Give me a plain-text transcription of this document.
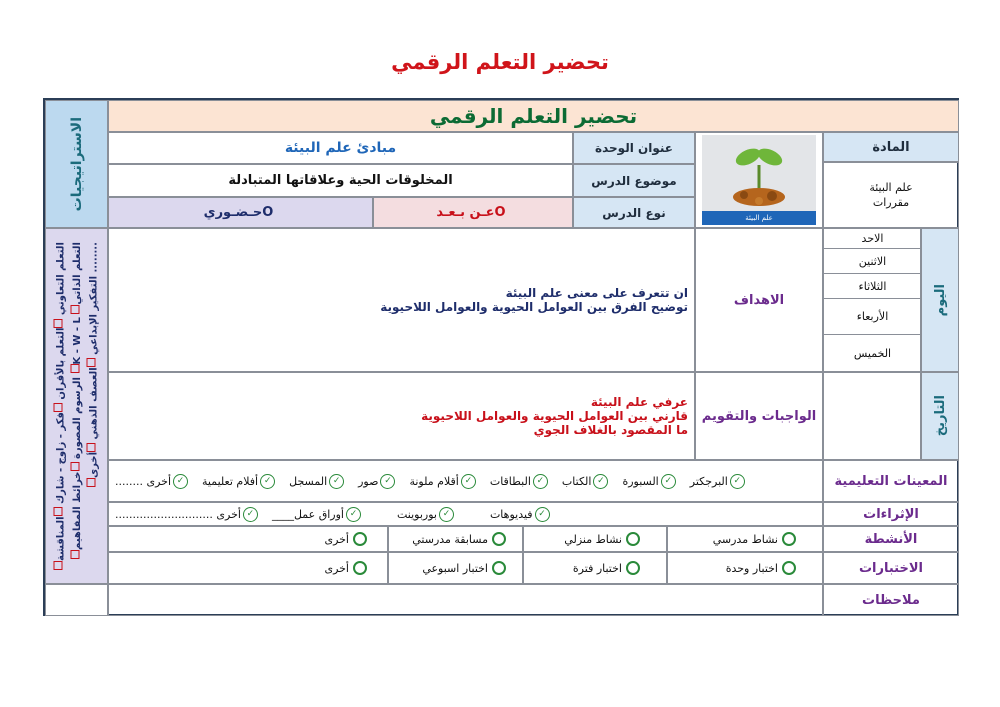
تحضير التعلم الرقمي
تحضير التعلم الرقمي
الاستراتيجيات
التعلم التعاوني التعلم بالأقران فكر - زاوج - شارك المناقشة
الرسوم المصورة خرائط المفاهيم K - W - L التعلم الذاتي
التفكير الإبداعي العصف الذهني أخرى ........
المادة
علم البيئة
مقررات
علم البيئة
عنوان الوحدة
مبادئ علم البيئة
موضوع الدرس
المخلوقات الحية وعلاقاتها المتبادلة
نوع الدرس
عـن بـعـد O
حـضـوري O
اليوم
التاريخ
الاحد
الاثنين
الثلاثاء
الأربعاء
الخميس
الاهداف
ان تتعرف على معنى علم البيئة
توضيح الفرق بين العوامل الحيوية والعوامل اللاحيوية
الواجبات والتقويم
عرفي علم البيئة
قارني بين العوامل الحيوية والعوامل اللاحيوية
ما المقصود بالغلاف الجوي
المعينات التعليمية
✓
البرجكتر
✓
السبورة
✓
الكتاب
✓
البطاقات
✓
أقلام ملونة
✓
صور
✓
المسجل
✓
أفلام تعليمية
✓
أخرى ........
الإثراءات
✓
فيديوهات
✓
بوربوينت
✓
أوراق عمل____
✓
أخرى ............................
الأنشطة
نشاط مدرسي
نشاط منزلي
مسابقة مدرستي
أخرى
الاختبارات
اختبار وحدة
اختبار فترة
اختبار اسبوعي
أخرى
ملاحظات
